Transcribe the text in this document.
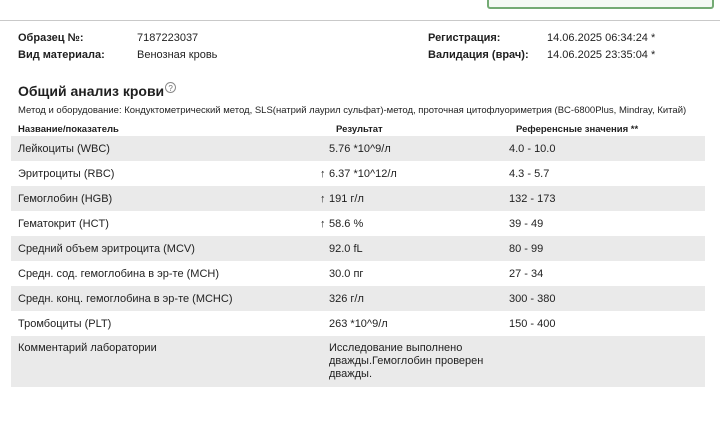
Образец №:	7187223037
Вид материала:	Венозная кровь
Регистрация:	14.06.2025 06:34:24 *
Валидация (врач):	14.06.2025 23:35:04 *
Общий анализ крови ?
Метод и оборудование: Кондуктометрический метод, SLS(натрий лаурил сульфат)-метод, проточная цитофлуориметрия (BC-6800Plus, Mindray, Китай)
Название/показатель	Результат	Референсные значения **
Лейкоциты (WBC)	5.76 *10^9/л	4.0 - 10.0
Эритроциты (RBC)	↑ 6.37 *10^12/л	4.3 - 5.7
Гемоглобин (HGB)	↑ 191 г/л	132 - 173
Гематокрит (HCT)	↑ 58.6 %	39 - 49
Средний объем эритроцита (MCV)	92.0 fL	80 - 99
Средн. сод. гемоглобина в эр-те (MCH)	30.0 пг	27 - 34
Средн. конц. гемоглобина в эр-те (MCHC)	326 г/л	300 - 380
Тромбоциты (PLT)	263 *10^9/л	150 - 400
Комментарий лаборатории	Исследование выполнено дважды.Гемоглобин проверен дважды.
